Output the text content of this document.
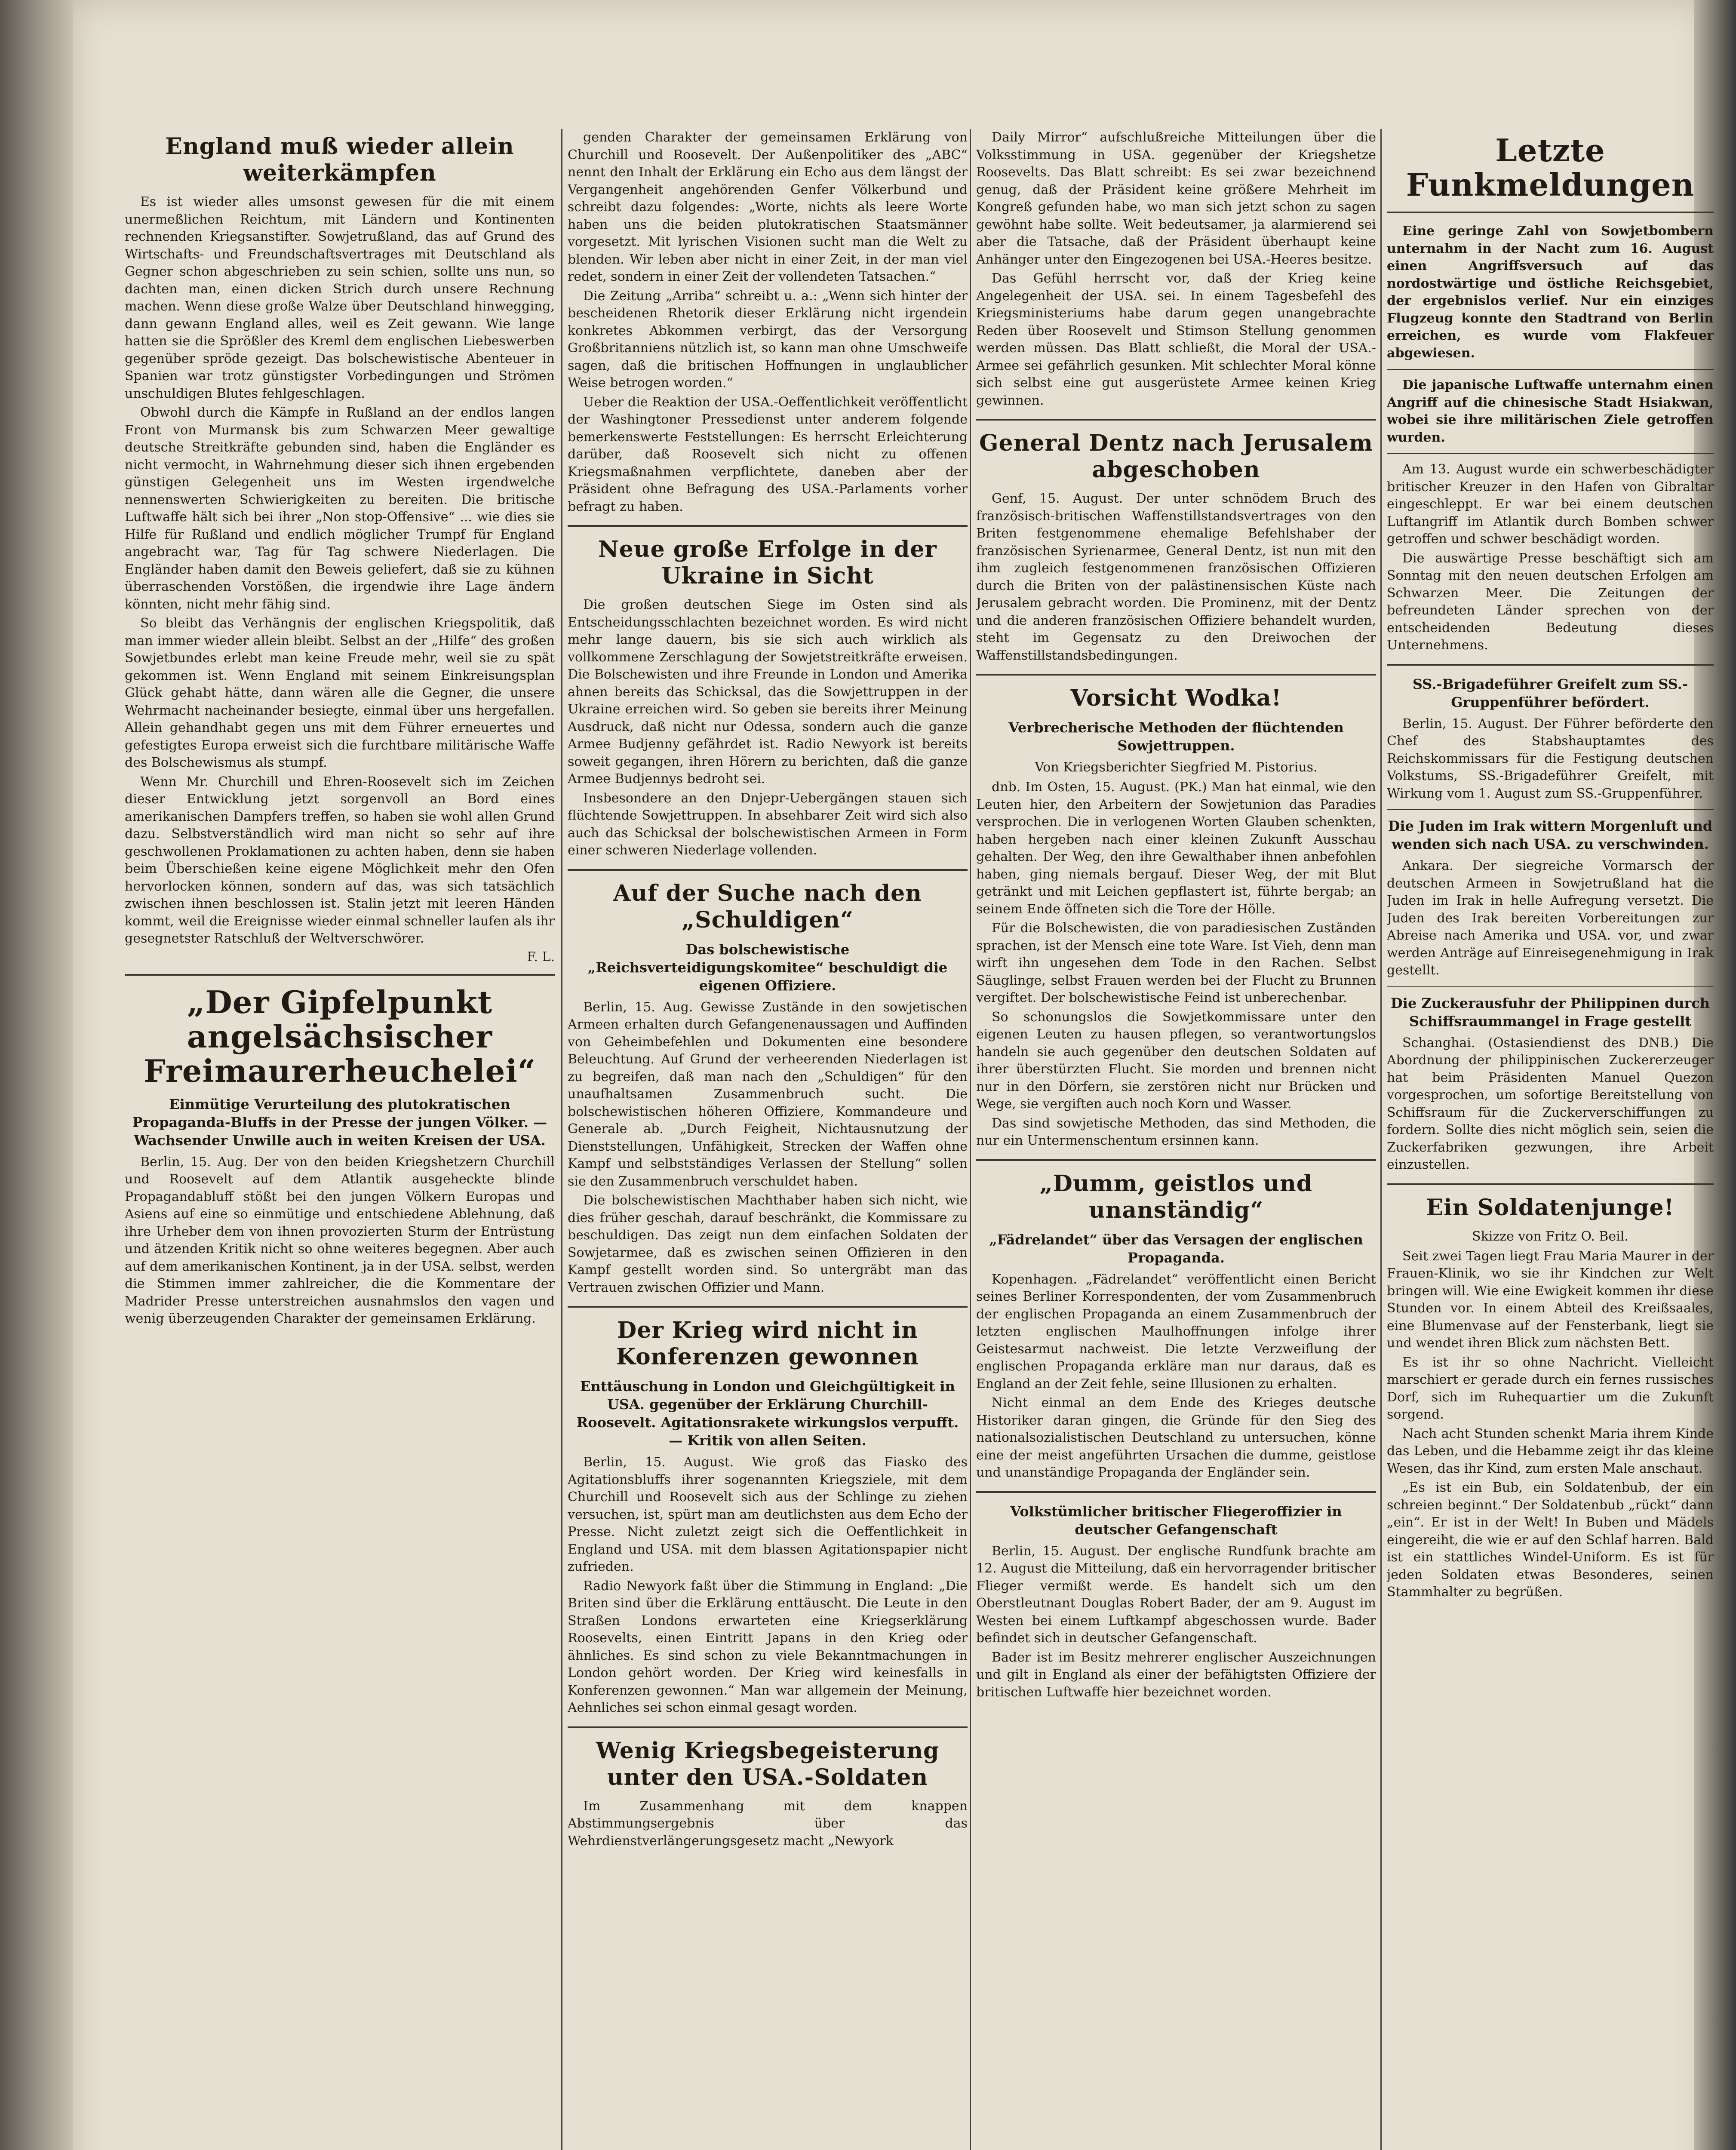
England muß wieder allein weiterkämpfen

Es ist wieder alles umsonst gewesen für die mit einem unermeßlichen Reichtum, mit Ländern und Kontinenten rechnenden Kriegsanstifter. Sowjetrußland, das auf Grund des Wirtschafts- und Freundschaftsvertrages mit Deutschland als Gegner schon abgeschrieben zu sein schien, sollte uns nun, so dachten man, einen dicken Strich durch unsere Rechnung machen. Wenn diese große Walze über Deutschland hinwegging, dann gewann England alles, weil es Zeit gewann. Wie lange hatten sie die Sprößler des Kreml dem englischen Liebeswerben gegenüber spröde gezeigt. Das bolschewistische Abenteuer in Spanien war trotz günstigster Vorbedingungen und Strömen unschuldigen Blutes fehlgeschlagen.

Obwohl durch die Kämpfe in Rußland an der endlos langen Front von Murmansk bis zum Schwarzen Meer gewaltige deutsche Streitkräfte gebunden sind, haben die Engländer es nicht vermocht, in Wahrnehmung dieser sich ihnen ergebenden günstigen Gelegenheit uns im Westen irgendwelche nennenswerten Schwierigkeiten zu bereiten. Die britische Luftwaffe hält sich bei ihrer „Non stop-Offensive“ ... wie dies sie Hilfe für Rußland und endlich möglicher Trumpf für England angebracht war, Tag für Tag schwere Niederlagen. Die Engländer haben damit den Beweis geliefert, daß sie zu kühnen überraschenden Vorstößen, die irgendwie ihre Lage ändern könnten, nicht mehr fähig sind.

So bleibt das Verhängnis der englischen Kriegspolitik, daß man immer wieder allein bleibt. Selbst an der „Hilfe“ des großen Sowjetbundes erlebt man keine Freude mehr, weil sie zu spät gekommen ist. Wenn England mit seinem Einkreisungsplan Glück gehabt hätte, dann wären alle die Gegner, die unsere Wehrmacht nacheinander besiegte, einmal über uns hergefallen. Allein gehandhabt gegen uns mit dem Führer erneuertes und gefestigtes Europa erweist sich die furchtbare militärische Waffe des Bolschewismus als stumpf.

Wenn Mr. Churchill und Ehren-Roosevelt sich im Zeichen dieser Entwicklung jetzt sorgenvoll an Bord eines amerikanischen Dampfers treffen, so haben sie wohl allen Grund dazu. Selbstverständlich wird man nicht so sehr auf ihre geschwollenen Proklamationen zu achten haben, denn sie haben beim Überschießen keine eigene Möglichkeit mehr den Ofen hervorlocken können, sondern auf das, was sich tatsächlich zwischen ihnen beschlossen ist. Stalin jetzt mit leeren Händen kommt, weil die Ereignisse wieder einmal schneller laufen als ihr gesegnetster Ratschluß der Weltverschwörer.

F. L.
„Der Gipfelpunkt angelsächsischer Freimaurerheuchelei“
Einmütige Verurteilung des plutokratischen Propaganda-Bluffs in der Presse der jungen Völker. — Wachsender Unwille auch in weiten Kreisen der USA.

Berlin, 15. Aug. Der von den beiden Kriegshetzern Churchill und Roosevelt auf dem Atlantik ausgeheckte blinde Propagandabluff stößt bei den jungen Völkern Europas und Asiens auf eine so einmütige und entschiedene Ablehnung, daß ihre Urheber dem von ihnen provozierten Sturm der Entrüstung und ätzenden Kritik nicht so ohne weiteres begegnen. Aber auch auf dem amerikanischen Kontinent, ja in der USA. selbst, werden die Stimmen immer zahlreicher, die die Kommentare der Madrider Presse unterstreichen ausnahmslos den vagen und wenig überzeugenden Charakter der gemeinsamen Erklärung.

genden Charakter der gemeinsamen Erklärung von Churchill und Roosevelt. Der Außenpolitiker des „ABC“ nennt den Inhalt der Erklärung ein Echo aus dem längst der Vergangenheit angehörenden Genfer Völkerbund und schreibt dazu folgendes: „Worte, nichts als leere Worte haben uns die beiden plutokratischen Staatsmänner vorgesetzt. Mit lyrischen Visionen sucht man die Welt zu blenden. Wir leben aber nicht in einer Zeit, in der man viel redet, sondern in einer Zeit der vollendeten Tatsachen.“

Die Zeitung „Arriba“ schreibt u. a.: „Wenn sich hinter der bescheidenen Rhetorik dieser Erklärung nicht irgendein konkretes Abkommen verbirgt, das der Versorgung Großbritanniens nützlich ist, so kann man ohne Umschweife sagen, daß die britischen Hoffnungen in unglaublicher Weise betrogen worden.“

Ueber die Reaktion der USA.-Oeffentlichkeit veröffentlicht der Washingtoner Pressedienst unter anderem folgende bemerkenswerte Feststellungen: Es herrscht Erleichterung darüber, daß Roosevelt sich nicht zu offenen Kriegsmaßnahmen verpflichtete, daneben aber der Präsident ohne Befragung des USA.-Parlaments vorher befragt zu haben.

Neue große Erfolge in der Ukraine in Sicht

Die großen deutschen Siege im Osten sind als Entscheidungsschlachten bezeichnet worden. Es wird nicht mehr lange dauern, bis sie sich auch wirklich als vollkommene Zerschlagung der Sowjetstreitkräfte erweisen. Die Bolschewisten und ihre Freunde in London und Amerika ahnen bereits das Schicksal, das die Sowjettruppen in der Ukraine erreichen wird. So geben sie bereits ihrer Meinung Ausdruck, daß nicht nur Odessa, sondern auch die ganze Armee Budjenny gefährdet ist. Radio Newyork ist bereits soweit gegangen, ihren Hörern zu berichten, daß die ganze Armee Budjennys bedroht sei.

Insbesondere an den Dnjepr-Uebergängen stauen sich flüchtende Sowjettruppen. In absehbarer Zeit wird sich also auch das Schicksal der bolschewistischen Armeen in Form einer schweren Niederlage vollenden.

Auf der Suche nach den „Schuldigen“
Das bolschewistische „Reichsverteidigungskomitee“ beschuldigt die eigenen Offiziere.

Berlin, 15. Aug. Gewisse Zustände in den sowjetischen Armeen erhalten durch Gefangenenaussagen und Auffinden von Geheimbefehlen und Dokumenten eine besondere Beleuchtung. Auf Grund der verheerenden Niederlagen ist zu begreifen, daß man nach den „Schuldigen“ für den unaufhaltsamen Zusammenbruch sucht. Die bolschewistischen höheren Offiziere, Kommandeure und Generale ab. „Durch Feigheit, Nichtausnutzung der Dienststellungen, Unfähigkeit, Strecken der Waffen ohne Kampf und selbstständiges Verlassen der Stellung“ sollen sie den Zusammenbruch verschuldet haben.

Die bolschewistischen Machthaber haben sich nicht, wie dies früher geschah, darauf beschränkt, die Kommissare zu beschuldigen. Das zeigt nun dem einfachen Soldaten der Sowjetarmee, daß es zwischen seinen Offizieren in den Kampf gestellt worden sind. So untergräbt man das Vertrauen zwischen Offizier und Mann.

Der Krieg wird nicht in Konferenzen gewonnen
Enttäuschung in London und Gleichgültigkeit in USA. gegenüber der Erklärung Churchill-Roosevelt. Agitationsrakete wirkungslos verpufft. — Kritik von allen Seiten.

Berlin, 15. August. Wie groß das Fiasko des Agitationsbluffs ihrer sogenannten Kriegsziele, mit dem Churchill und Roosevelt sich aus der Schlinge zu ziehen versuchen, ist, spürt man am deutlichsten aus dem Echo der Presse. Nicht zuletzt zeigt sich die Oeffentlichkeit in England und USA. mit dem blassen Agitationspapier nicht zufrieden.

Radio Newyork faßt über die Stimmung in England: „Die Briten sind über die Erklärung enttäuscht. Die Leute in den Straßen Londons erwarteten eine Kriegserklärung Roosevelts, einen Eintritt Japans in den Krieg oder ähnliches. Es sind schon zu viele Bekanntmachungen in London gehört worden. Der Krieg wird keinesfalls in Konferenzen gewonnen.“ Man war allgemein der Meinung, Aehnliches sei schon einmal gesagt worden.

Wenig Kriegsbegeisterung unter den USA.-Soldaten

Im Zusammenhang mit dem knappen Abstimmungsergebnis über das Wehrdienstverlängerungsgesetz macht „Newyork

Daily Mirror“ aufschlußreiche Mitteilungen über die Volksstimmung in USA. gegenüber der Kriegshetze Roosevelts. Das Blatt schreibt: Es sei zwar bezeichnend genug, daß der Präsident keine größere Mehrheit im Kongreß gefunden habe, wo man sich jetzt schon zu sagen gewöhnt habe sollte. Weit bedeutsamer, ja alarmierend sei aber die Tatsache, daß der Präsident überhaupt keine Anhänger unter den Eingezogenen bei USA.-Heeres besitze.

Das Gefühl herrscht vor, daß der Krieg keine Angelegenheit der USA. sei. In einem Tagesbefehl des Kriegsministeriums habe darum gegen unangebrachte Reden über Roosevelt und Stimson Stellung genommen werden müssen. Das Blatt schließt, die Moral der USA.-Armee sei gefährlich gesunken. Mit schlechter Moral könne sich selbst eine gut ausgerüstete Armee keinen Krieg gewinnen.

General Dentz nach Jerusalem abgeschoben

Genf, 15. August. Der unter schnödem Bruch des französisch-britischen Waffenstillstandsvertrages von den Briten festgenommene ehemalige Befehlshaber der französischen Syrienarmee, General Dentz, ist nun mit den ihm zugleich festgenommenen französischen Offizieren durch die Briten von der palästinensischen Küste nach Jerusalem gebracht worden. Die Prominenz, mit der Dentz und die anderen französischen Offiziere behandelt wurden, steht im Gegensatz zu den Dreiwochen der Waffenstillstandsbedingungen.

Vorsicht Wodka!
Verbrecherische Methoden der flüchtenden Sowjettruppen.
Von Kriegsberichter Siegfried M. Pistorius.

dnb. Im Osten, 15. August. (PK.) Man hat einmal, wie den Leuten hier, den Arbeitern der Sowjetunion das Paradies versprochen. Die in verlogenen Worten Glauben schenkten, haben hergeben nach einer kleinen Zukunft Ausschau gehalten. Der Weg, den ihre Gewalthaber ihnen anbefohlen haben, ging niemals bergauf. Dieser Weg, der mit Blut getränkt und mit Leichen gepflastert ist, führte bergab; an seinem Ende öffneten sich die Tore der Hölle.

Für die Bolschewisten, die von paradiesischen Zuständen sprachen, ist der Mensch eine tote Ware. Ist Vieh, denn man wirft ihn ungesehen dem Tode in den Rachen. Selbst Säuglinge, selbst Frauen werden bei der Flucht zu Brunnen vergiftet. Der bolschewistische Feind ist unberechenbar.

So schonungslos die Sowjetkommissare unter den eigenen Leuten zu hausen pflegen, so verantwortungslos handeln sie auch gegenüber den deutschen Soldaten auf ihrer überstürzten Flucht. Sie morden und brennen nicht nur in den Dörfern, sie zerstören nicht nur Brücken und Wege, sie vergiften auch noch Korn und Wasser.

Das sind sowjetische Methoden, das sind Methoden, die nur ein Untermenschentum ersinnen kann.

„Dumm, geistlos und unanständig“
„Fädrelandet“ über das Versagen der englischen Propaganda.

Kopenhagen. „Fädrelandet“ veröffentlicht einen Bericht seines Berliner Korrespondenten, der vom Zusammenbruch der englischen Propaganda an einem Zusammenbruch der letzten englischen Maulhoffnungen infolge ihrer Geistesarmut nachweist. Die letzte Verzweiflung der englischen Propaganda erkläre man nur daraus, daß es England an der Zeit fehle, seine Illusionen zu erhalten.

Nicht einmal an dem Ende des Krieges deutsche Historiker daran gingen, die Gründe für den Sieg des nationalsozialistischen Deutschland zu untersuchen, könne eine der meist angeführten Ursachen die dumme, geistlose und unanständige Propaganda der Engländer sein.

Volkstümlicher britischer Fliegeroffizier in deutscher Gefangenschaft

Berlin, 15. August. Der englische Rundfunk brachte am 12. August die Mitteilung, daß ein hervorragender britischer Flieger vermißt werde. Es handelt sich um den Oberstleutnant Douglas Robert Bader, der am 9. August im Westen bei einem Luftkampf abgeschossen wurde. Bader befindet sich in deutscher Gefangenschaft.

Bader ist im Besitz mehrerer englischer Auszeichnungen und gilt in England als einer der befähigtsten Offiziere der britischen Luftwaffe hier bezeichnet worden.

Letzte Funkmeldungen

Eine geringe Zahl von Sowjetbombern unternahm in der Nacht zum 16. August einen Angriffsversuch auf das nordostwärtige und östliche Reichsgebiet, der ergebnislos verlief. Nur ein einziges Flugzeug konnte den Stadtrand von Berlin erreichen, es wurde vom Flakfeuer abgewiesen.

Die japanische Luftwaffe unternahm einen Angriff auf die chinesische Stadt Hsiakwan, wobei sie ihre militärischen Ziele getroffen wurden.

Am 13. August wurde ein schwerbeschädigter britischer Kreuzer in den Hafen von Gibraltar eingeschleppt. Er war bei einem deutschen Luftangriff im Atlantik durch Bomben schwer getroffen und schwer beschädigt worden.

Die auswärtige Presse beschäftigt sich am Sonntag mit den neuen deutschen Erfolgen am Schwarzen Meer. Die Zeitungen der befreundeten Länder sprechen von der entscheidenden Bedeutung dieses Unternehmens.

SS.-Brigadeführer Greifelt zum SS.-Gruppenführer befördert.

Berlin, 15. August. Der Führer beförderte den Chef des Stabshauptamtes des Reichskommissars für die Festigung deutschen Volkstums, SS.-Brigadeführer Greifelt, mit Wirkung vom 1. August zum SS.-Gruppenführer.

Die Juden im Irak wittern Morgenluft und wenden sich nach USA. zu verschwinden.

Ankara. Der siegreiche Vormarsch der deutschen Armeen in Sowjetrußland hat die Juden im Irak in helle Aufregung versetzt. Die Juden des Irak bereiten Vorbereitungen zur Abreise nach Amerika und USA. vor, und zwar werden Anträge auf Einreisegenehmigung in Irak gestellt.

Die Zuckerausfuhr der Philippinen durch Schiffsraummangel in Frage gestellt

Schanghai. (Ostasiendienst des DNB.) Die Abordnung der philippinischen Zuckererzeuger hat beim Präsidenten Manuel Quezon vorgesprochen, um sofortige Bereitstellung von Schiffsraum für die Zuckerverschiffungen zu fordern. Sollte dies nicht möglich sein, seien die Zuckerfabriken gezwungen, ihre Arbeit einzustellen.

Ein Soldatenjunge!
Skizze von Fritz O. Beil.

Seit zwei Tagen liegt Frau Maria Maurer in der Frauen-Klinik, wo sie ihr Kindchen zur Welt bringen will. Wie eine Ewigkeit kommen ihr diese Stunden vor. In einem Abteil des Kreißsaales, eine Blumenvase auf der Fensterbank, liegt sie und wendet ihren Blick zum nächsten Bett.

Es ist ihr so ohne Nachricht. Vielleicht marschiert er gerade durch ein fernes russisches Dorf, sich im Ruhequartier um die Zukunft sorgend.

Nach acht Stunden schenkt Maria ihrem Kinde das Leben, und die Hebamme zeigt ihr das kleine Wesen, das ihr Kind, zum ersten Male anschaut.

„Es ist ein Bub, ein Soldatenbub, der ein schreien beginnt.“ Der Soldatenbub „rückt“ dann „ein“. Er ist in der Welt! In Buben und Mädels eingereiht, die wie er auf den Schlaf harren. Bald ist ein stattliches Windel-Uniform. Es ist für jeden Soldaten etwas Besonderes, seinen Stammhalter zu begrüßen.
